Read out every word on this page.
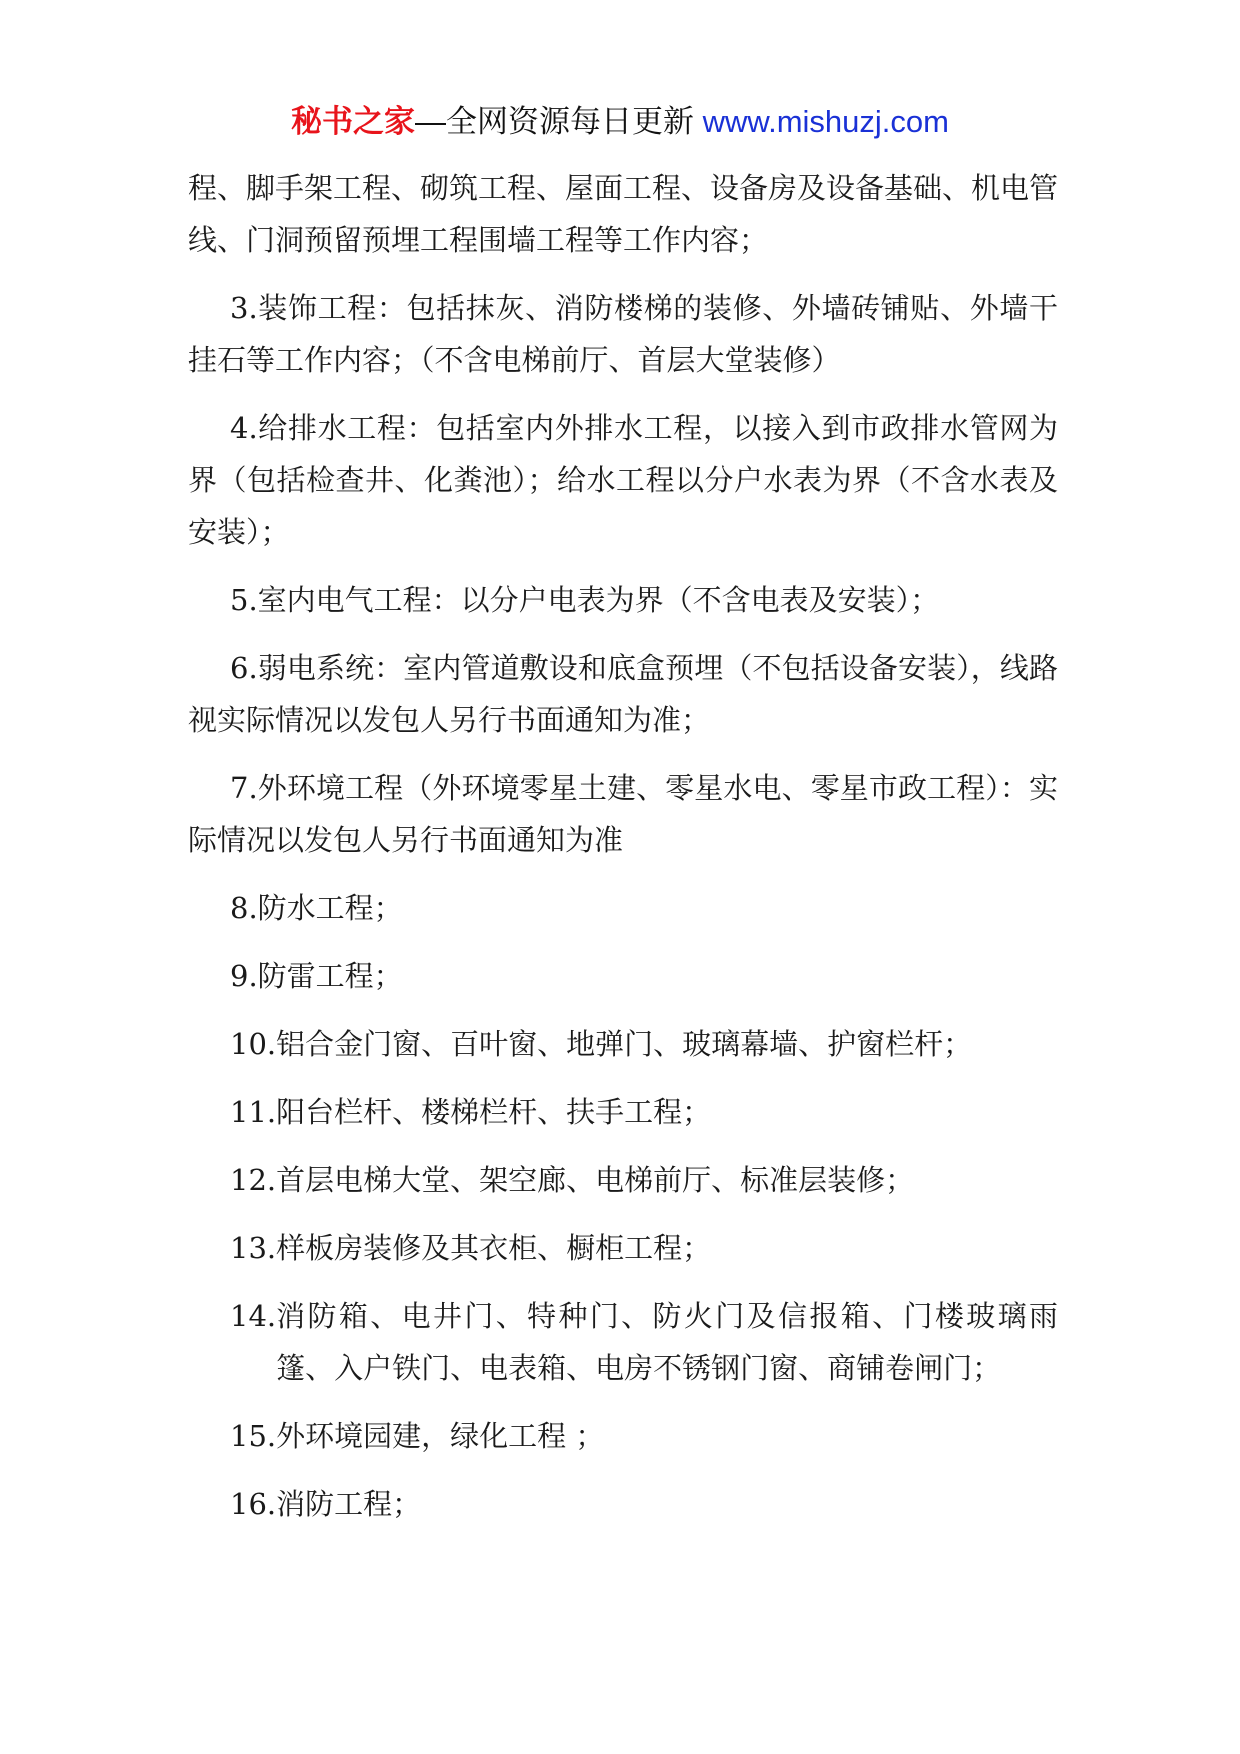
秘书之家—全网资源每日更新 www.mishuzj.com

程、脚手架工程、砌筑工程、屋面工程、设备房及设备基础、机电管线、门洞预留预埋工程围墙工程等工作内容；

3.装饰工程：包括抹灰、消防楼梯的装修、外墙砖铺贴、外墙干挂石等工作内容；（不含电梯前厅、首层大堂装修）

4.给排水工程：包括室内外排水工程，以接入到市政排水管网为界（包括检查井、化粪池）；给水工程以分户水表为界（不含水表及安装）；

5.室内电气工程：以分户电表为界（不含电表及安装）；

6.弱电系统：室内管道敷设和底盒预埋（不包括设备安装），线路视实际情况以发包人另行书面通知为准；

7.外环境工程（外环境零星土建、零星水电、零星市政工程）：实际情况以发包人另行书面通知为准

8.防水工程；

9.防雷工程；

10. 铝合金门窗、百叶窗、地弹门、玻璃幕墙、护窗栏杆；
11. 阳台栏杆、楼梯栏杆、扶手工程；
12. 首层电梯大堂、架空廊、电梯前厅、标准层装修；
13. 样板房装修及其衣柜、橱柜工程；
14. 消防箱、电井门、特种门、防火门及信报箱、门楼玻璃雨篷、入户铁门、电表箱、电房不锈钢门窗、商铺卷闸门；
15. 外环境园建，绿化工程 ；
16. 消防工程；
